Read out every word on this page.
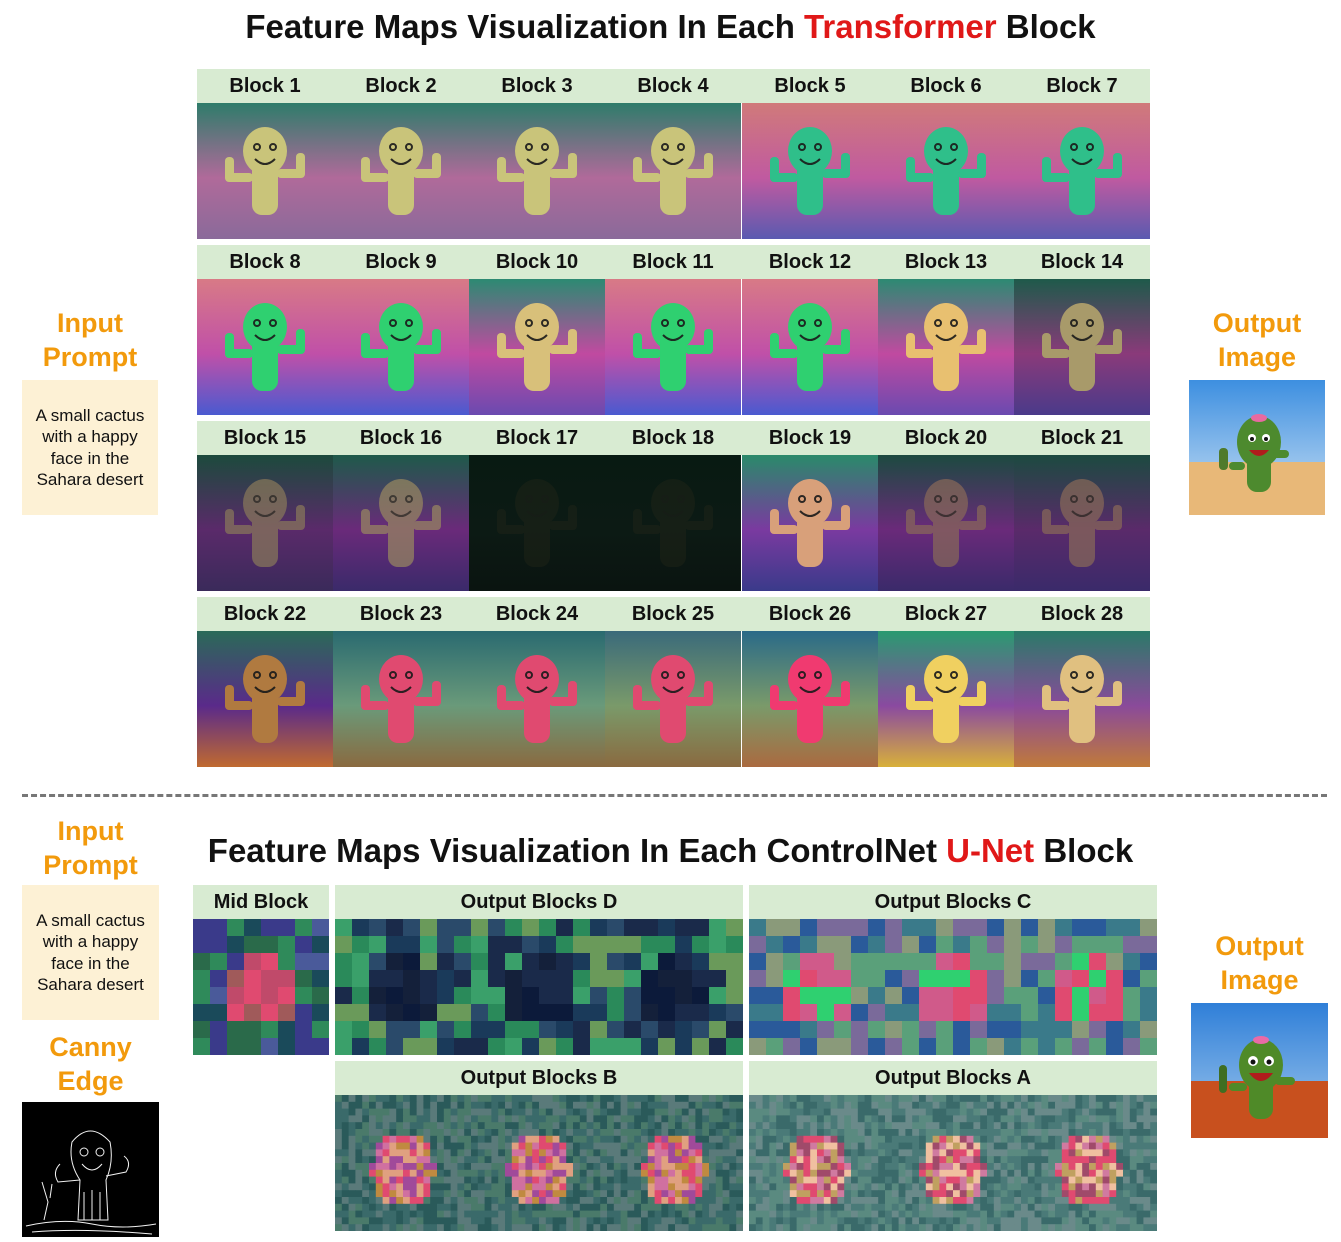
Feature Maps Visualization In Each Transformer Block
Input
Prompt
A small cactus with a happy face in the Sahara desert
Output
Image
Block 1	Block 2	Block 3	Block 4	Block 5	Block 6	Block 7
Block 8	Block 9	Block 10	Block 11	Block 12	Block 13	Block 14
Block 15	Block 16	Block 17	Block 18	Block 19	Block 20	Block 21
Block 22	Block 23	Block 24	Block 25	Block 26	Block 27	Block 28
Feature Maps Visualization In Each ControlNet U-Net Block
Input
Prompt
A small cactus with a happy face in the Sahara desert
Canny
Edge
Output
Image
Mid Block	Output Blocks D	Output Blocks C
Output Blocks B	Output Blocks A
